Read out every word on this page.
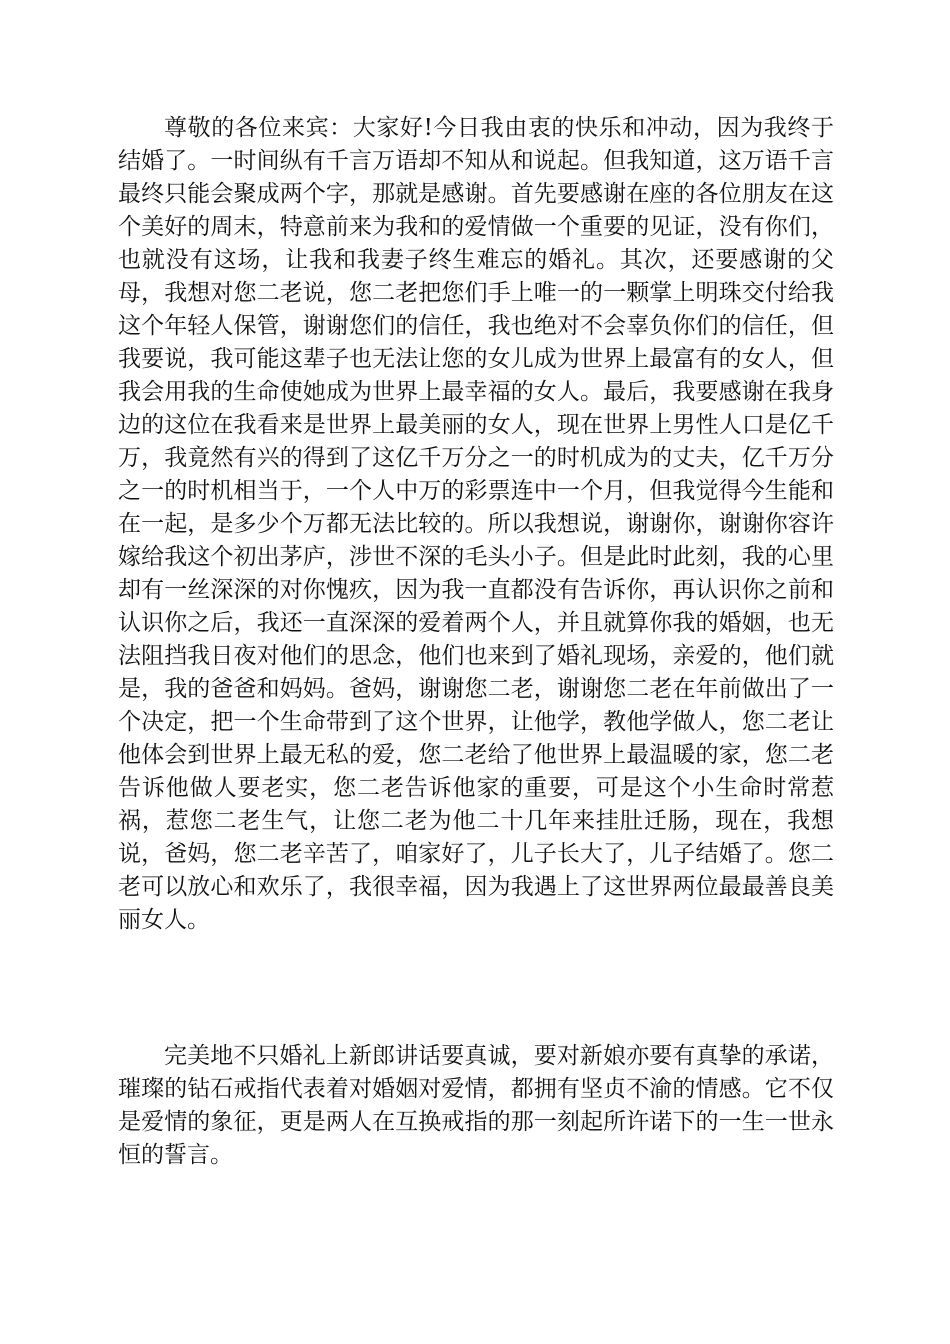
尊敬的各位来宾：大家好!今日我由衷的快乐和冲动，因为我终于结婚了。一时间纵有千言万语却不知从和说起。但我知道，这万语千言最终只能会聚成两个字，那就是感谢。首先要感谢在座的各位朋友在这个美好的周末，特意前来为我和的爱情做一个重要的见证，没有你们，也就没有这场，让我和我妻子终生难忘的婚礼。其次，还要感谢的父母，我想对您二老说，您二老把您们手上唯一的一颗掌上明珠交付给我这个年轻人保管，谢谢您们的信任，我也绝对不会辜负你们的信任，但我要说，我可能这辈子也无法让您的女儿成为世界上最富有的女人，但我会用我的生命使她成为世界上最幸福的女人。最后，我要感谢在我身边的这位在我看来是世界上最美丽的女人，现在世界上男性人口是亿千万，我竟然有兴的得到了这亿千万分之一的时机成为的丈夫，亿千万分之一的时机相当于，一个人中万的彩票连中一个月，但我觉得今生能和在一起，是多少个万都无法比较的。所以我想说，谢谢你，谢谢你容许嫁给我这个初出茅庐，涉世不深的毛头小子。但是此时此刻，我的心里却有一丝深深的对你愧疚，因为我一直都没有告诉你，再认识你之前和认识你之后，我还一直深深的爱着两个人，并且就算你我的婚姻，也无法阻挡我日夜对他们的思念，他们也来到了婚礼现场，亲爱的，他们就是，我的爸爸和妈妈。爸妈，谢谢您二老，谢谢您二老在年前做出了一个决定，把一个生命带到了这个世界，让他学，教他学做人，您二老让他体会到世界上最无私的爱，您二老给了他世界上最温暖的家，您二老告诉他做人要老实，您二老告诉他家的重要，可是这个小生命时常惹祸，惹您二老生气，让您二老为他二十几年来挂肚迁肠，现在，我想说，爸妈，您二老辛苦了，咱家好了，儿子长大了，儿子结婚了。您二老可以放心和欢乐了，我很幸福，因为我遇上了这世界两位最最善良美丽女人。

完美地不只婚礼上新郎讲话要真诚，要对新娘亦要有真挚的承诺，璀璨的钻石戒指代表着对婚姻对爱情，都拥有坚贞不渝的情感。它不仅是爱情的象征，更是两人在互换戒指的那一刻起所许诺下的一生一世永恒的誓言。
